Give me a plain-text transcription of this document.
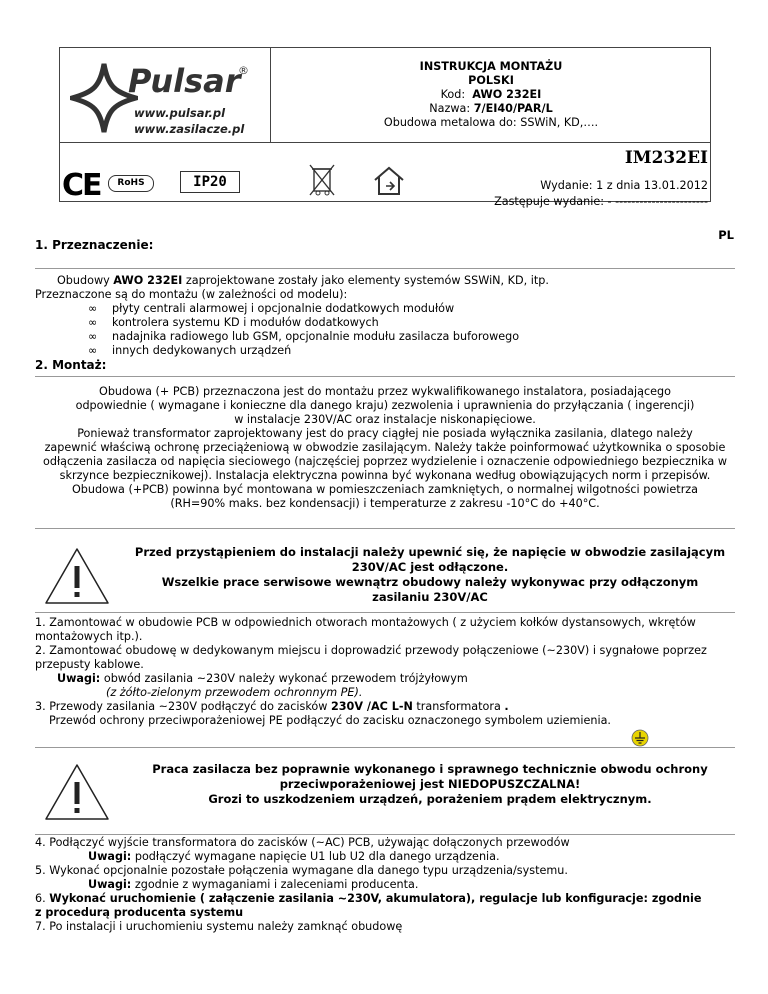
Pulsar
®
www.pulsar.pl
www.zasilacze.pl
INSTRUKCJA MONTAŻU
POLSKI
Kod: AWO 232EI
Nazwa: 7/EI40/PAR/L
Obudowa metalowa do: SSWiN, KD,….
CE	RoHS	IP20
IM232EI
Wydanie: 1 z dnia 13.01.2012
Zastępuje wydanie: - -----------------------
PL
1. Przeznaczenie:
Obudowy AWO 232EI zaprojektowane zostały jako elementy systemów SSWiN, KD, itp.
Przeznaczone są do montażu (w zależności od modelu):
∞ płyty centrali alarmowej i opcjonalnie dodatkowych modułów
∞ kontrolera systemu KD i modułów dodatkowych
∞ nadajnika radiowego lub GSM, opcjonalnie modułu zasilacza buforowego
∞ innych dedykowanych urządzeń
2. Montaż:
Obudowa (+ PCB) przeznaczona jest do montażu przez wykwalifikowanego instalatora, posiadającego
odpowiednie ( wymagane i konieczne dla danego kraju) zezwolenia i uprawnienia do przyłączania ( ingerencji)
w instalacje 230V/AC oraz instalacje niskonapięciowe.
Ponieważ transformator zaprojektowany jest do pracy ciągłej nie posiada wyłącznika zasilania, dlatego należy
zapewnić właściwą ochronę przeciążeniową w obwodzie zasilającym. Należy także poinformować użytkownika o sposobie
odłączenia zasilacza od napięcia sieciowego (najczęściej poprzez wydzielenie i oznaczenie odpowiedniego bezpiecznika w
skrzynce bezpiecznikowej). Instalacja elektryczna powinna być wykonana według obowiązujących norm i przepisów.
Obudowa (+PCB) powinna być montowana w pomieszczeniach zamkniętych, o normalnej wilgotności powietrza
(RH=90% maks. bez kondensacji) i temperaturze z zakresu -10°C do +40°C.
Przed przystąpieniem do instalacji należy upewnić się, że napięcie w obwodzie zasilającym
230V/AC jest odłączone.
Wszelkie prace serwisowe wewnątrz obudowy należy wykonywac przy odłączonym
zasilaniu 230V/AC
1. Zamontować w obudowie PCB w odpowiednich otworach montażowych ( z użyciem kołków dystansowych, wkrętów
montażowych itp.).
2. Zamontować obudowę w dedykowanym miejscu i doprowadzić przewody połączeniowe (~230V) i sygnałowe poprzez
przepusty kablowe.
Uwagi: obwód zasilania ~230V należy wykonać przewodem trójżyłowym
(z żółto-zielonym przewodem ochronnym PE).
3. Przewody zasilania ~230V podłączyć do zacisków 230V /AC L-N transformatora .
Przewód ochrony przeciwporażeniowej PE podłączyć do zacisku oznaczonego symbolem uziemienia.
Praca zasilacza bez poprawnie wykonanego i sprawnego technicznie obwodu ochrony
przeciwporażeniowej jest NIEDOPUSZCZALNA!
Grozi to uszkodzeniem urządzeń, porażeniem prądem elektrycznym.
4. Podłączyć wyjście transformatora do zacisków (~AC) PCB, używając dołączonych przewodów
Uwagi: podłączyć wymagane napięcie U1 lub U2 dla danego urządzenia.
5. Wykonać opcjonalnie pozostałe połączenia wymagane dla danego typu urządzenia/systemu.
Uwagi: zgodnie z wymaganiami i zaleceniami producenta.
6. Wykonać uruchomienie ( załączenie zasilania ~230V, akumulatora), regulacje lub konfiguracje: zgodnie
z procedurą producenta systemu
7. Po instalacji i uruchomieniu systemu należy zamknąć obudowę
